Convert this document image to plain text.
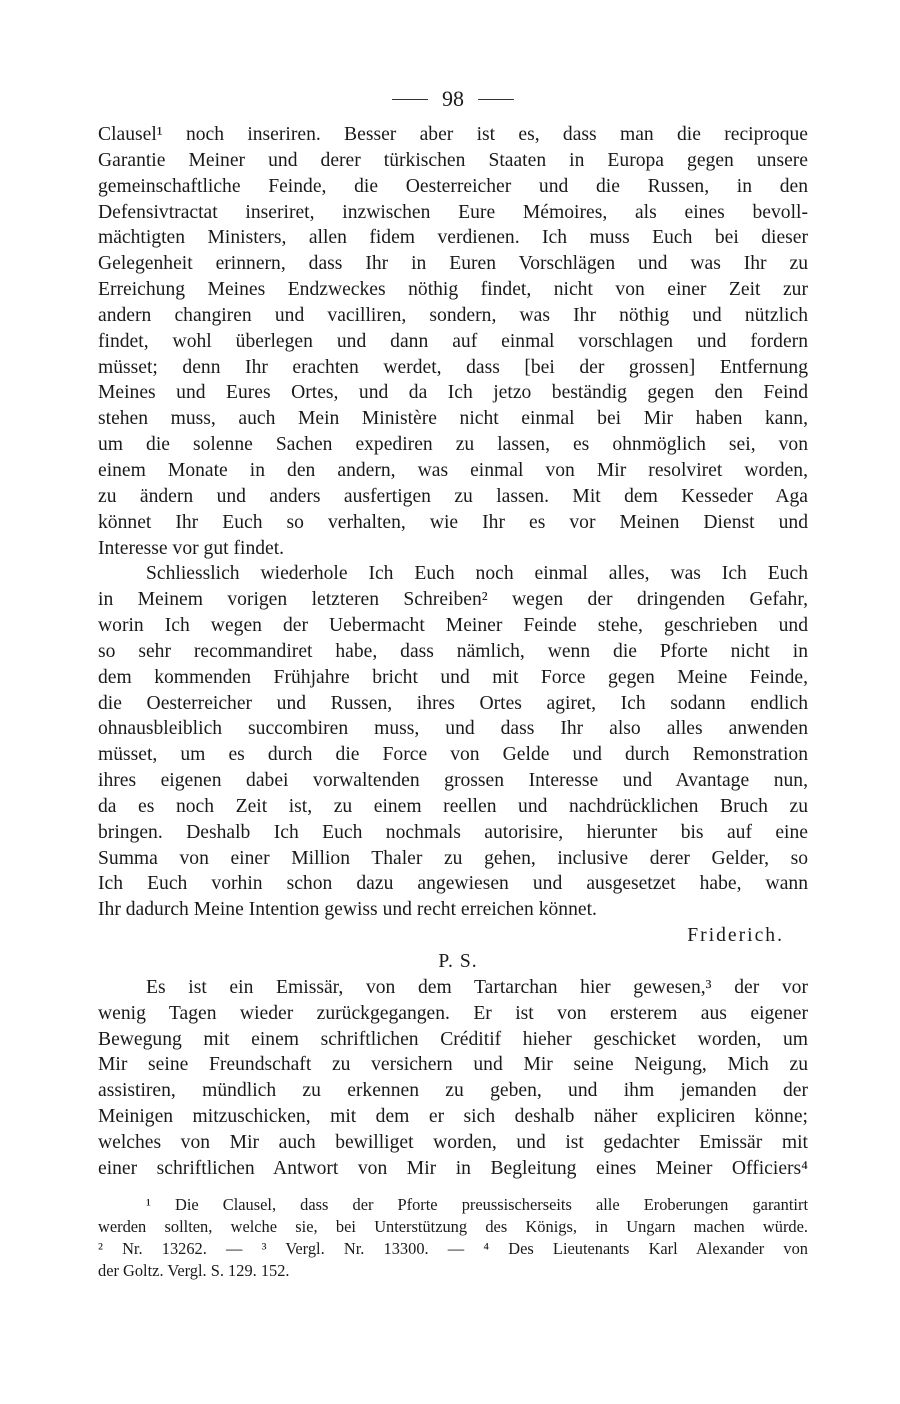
98
Clausel¹ noch inseriren. Besser aber ist es, dass man die reciproque
Garantie Meiner und derer türkischen Staaten in Europa gegen unsere
gemeinschaftliche Feinde, die Oesterreicher und die Russen, in den
Defensivtractat inseriret, inzwischen Eure Mémoires, als eines bevoll-
mächtigten Ministers, allen fidem verdienen. Ich muss Euch bei dieser
Gelegenheit erinnern, dass Ihr in Euren Vorschlägen und was Ihr zu
Erreichung Meines Endzweckes nöthig findet, nicht von einer Zeit zur
andern changiren und vacilliren, sondern, was Ihr nöthig und nützlich
findet, wohl überlegen und dann auf einmal vorschlagen und fordern
müsset; denn Ihr erachten werdet, dass [bei der grossen] Entfernung
Meines und Eures Ortes, und da Ich jetzo beständig gegen den Feind
stehen muss, auch Mein Ministère nicht einmal bei Mir haben kann,
um die solenne Sachen expediren zu lassen, es ohnmöglich sei, von
einem Monate in den andern, was einmal von Mir resolviret worden,
zu ändern und anders ausfertigen zu lassen. Mit dem Kesseder Aga
könnet Ihr Euch so verhalten, wie Ihr es vor Meinen Dienst und
Interesse vor gut findet.
Schliesslich wiederhole Ich Euch noch einmal alles, was Ich Euch
in Meinem vorigen letzteren Schreiben² wegen der dringenden Gefahr,
worin Ich wegen der Uebermacht Meiner Feinde stehe, geschrieben und
so sehr recommandiret habe, dass nämlich, wenn die Pforte nicht in
dem kommenden Frühjahre bricht und mit Force gegen Meine Feinde,
die Oesterreicher und Russen, ihres Ortes agiret, Ich sodann endlich
ohnausbleiblich succombiren muss, und dass Ihr also alles anwenden
müsset, um es durch die Force von Gelde und durch Remonstration
ihres eigenen dabei vorwaltenden grossen Interesse und Avantage nun,
da es noch Zeit ist, zu einem reellen und nachdrücklichen Bruch zu
bringen. Deshalb Ich Euch nochmals autorisire, hierunter bis auf eine
Summa von einer Million Thaler zu gehen, inclusive derer Gelder, so
Ich Euch vorhin schon dazu angewiesen und ausgesetzet habe, wann
Ihr dadurch Meine Intention gewiss und recht erreichen könnet.
Friderich.
P. S.
Es ist ein Emissär, von dem Tartarchan hier gewesen,³ der vor
wenig Tagen wieder zurückgegangen. Er ist von ersterem aus eigener
Bewegung mit einem schriftlichen Créditif hieher geschicket worden, um
Mir seine Freundschaft zu versichern und Mir seine Neigung, Mich zu
assistiren, mündlich zu erkennen zu geben, und ihm jemanden der
Meinigen mitzuschicken, mit dem er sich deshalb näher expliciren könne;
welches von Mir auch bewilliget worden, und ist gedachter Emissär mit
einer schriftlichen Antwort von Mir in Begleitung eines Meiner Officiers⁴
¹ Die Clausel, dass der Pforte preussischerseits alle Eroberungen garantirt
werden sollten, welche sie, bei Unterstützung des Königs, in Ungarn machen würde.
² Nr. 13262. — ³ Vergl. Nr. 13300. — ⁴ Des Lieutenants Karl Alexander von
der Goltz. Vergl. S. 129. 152.
